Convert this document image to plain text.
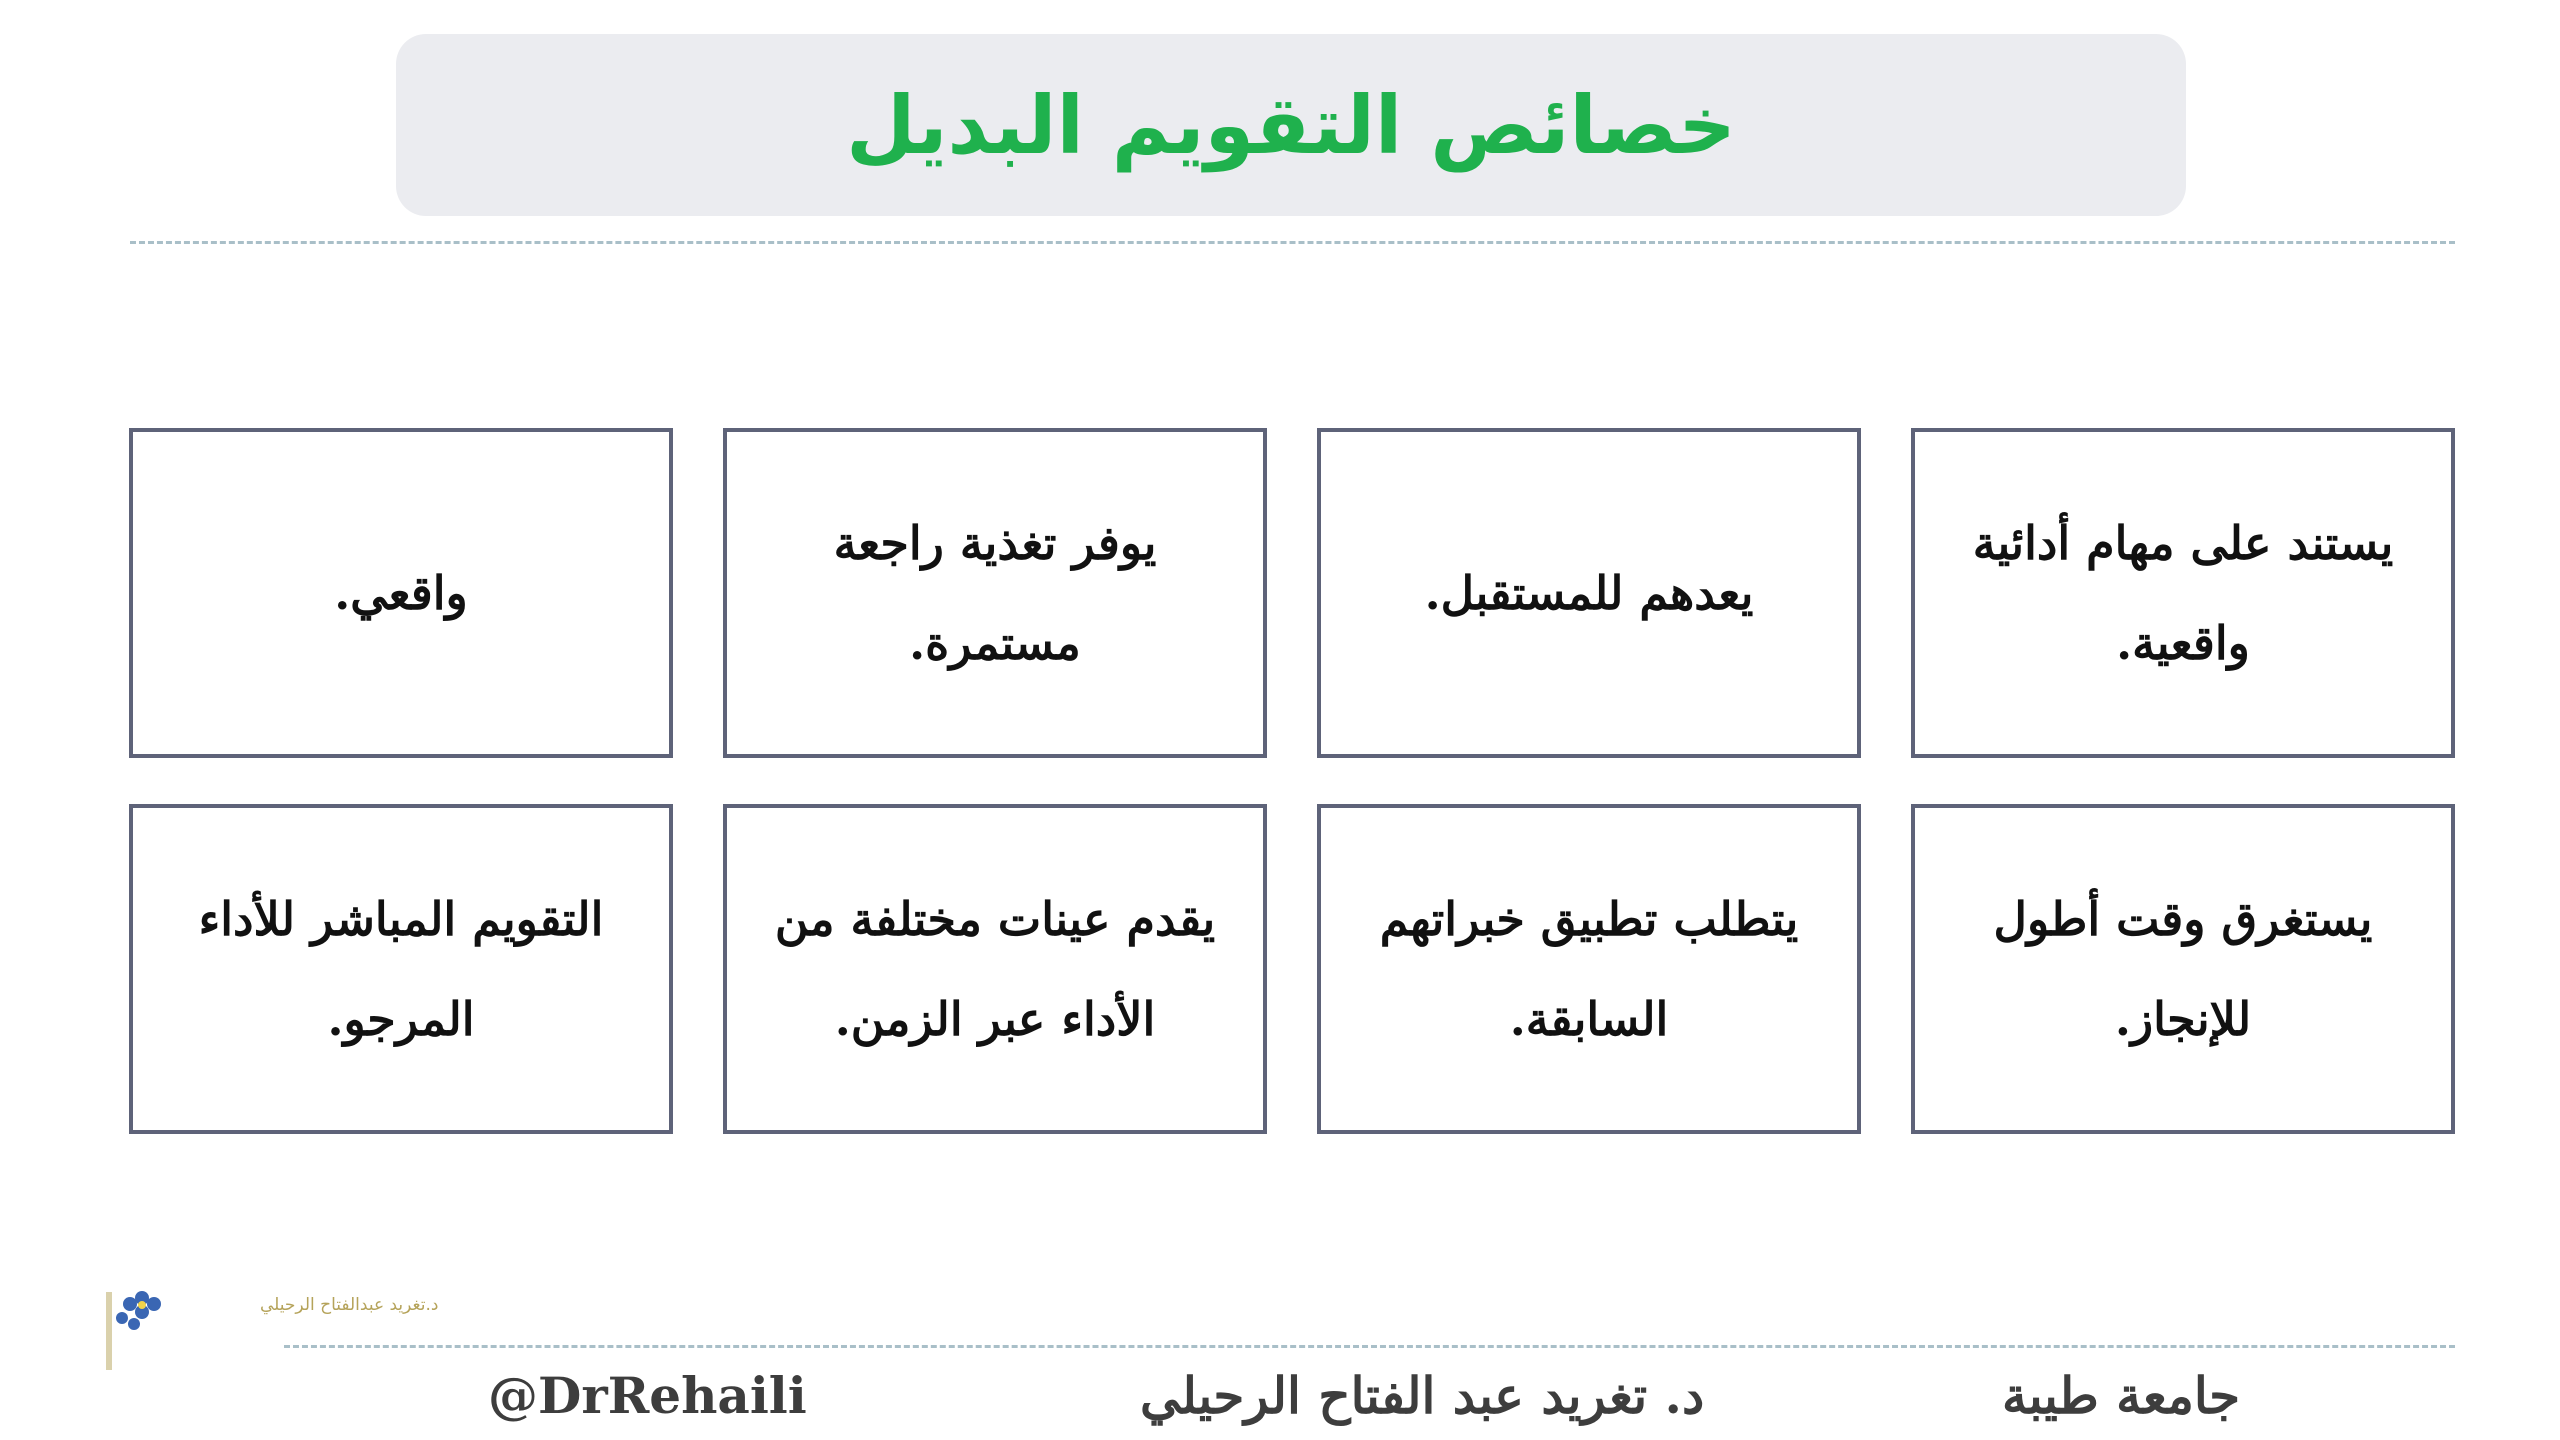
خصائص التقويم البديل
يستند على مهام أدائية واقعية.
يعدهم للمستقبل.
يوفر تغذية راجعة مستمرة.
واقعي.
يستغرق وقت أطول للإنجاز.
يتطلب تطبيق خبراتهم السابقة.
يقدم عينات مختلفة من الأداء عبر الزمن.
التقويم المباشر للأداء المرجو.
د.تغريد عبدالفتاح الرحيلي
@DrRehaili	د. تغريد عبد الفتاح الرحيلي	جامعة طيبة
